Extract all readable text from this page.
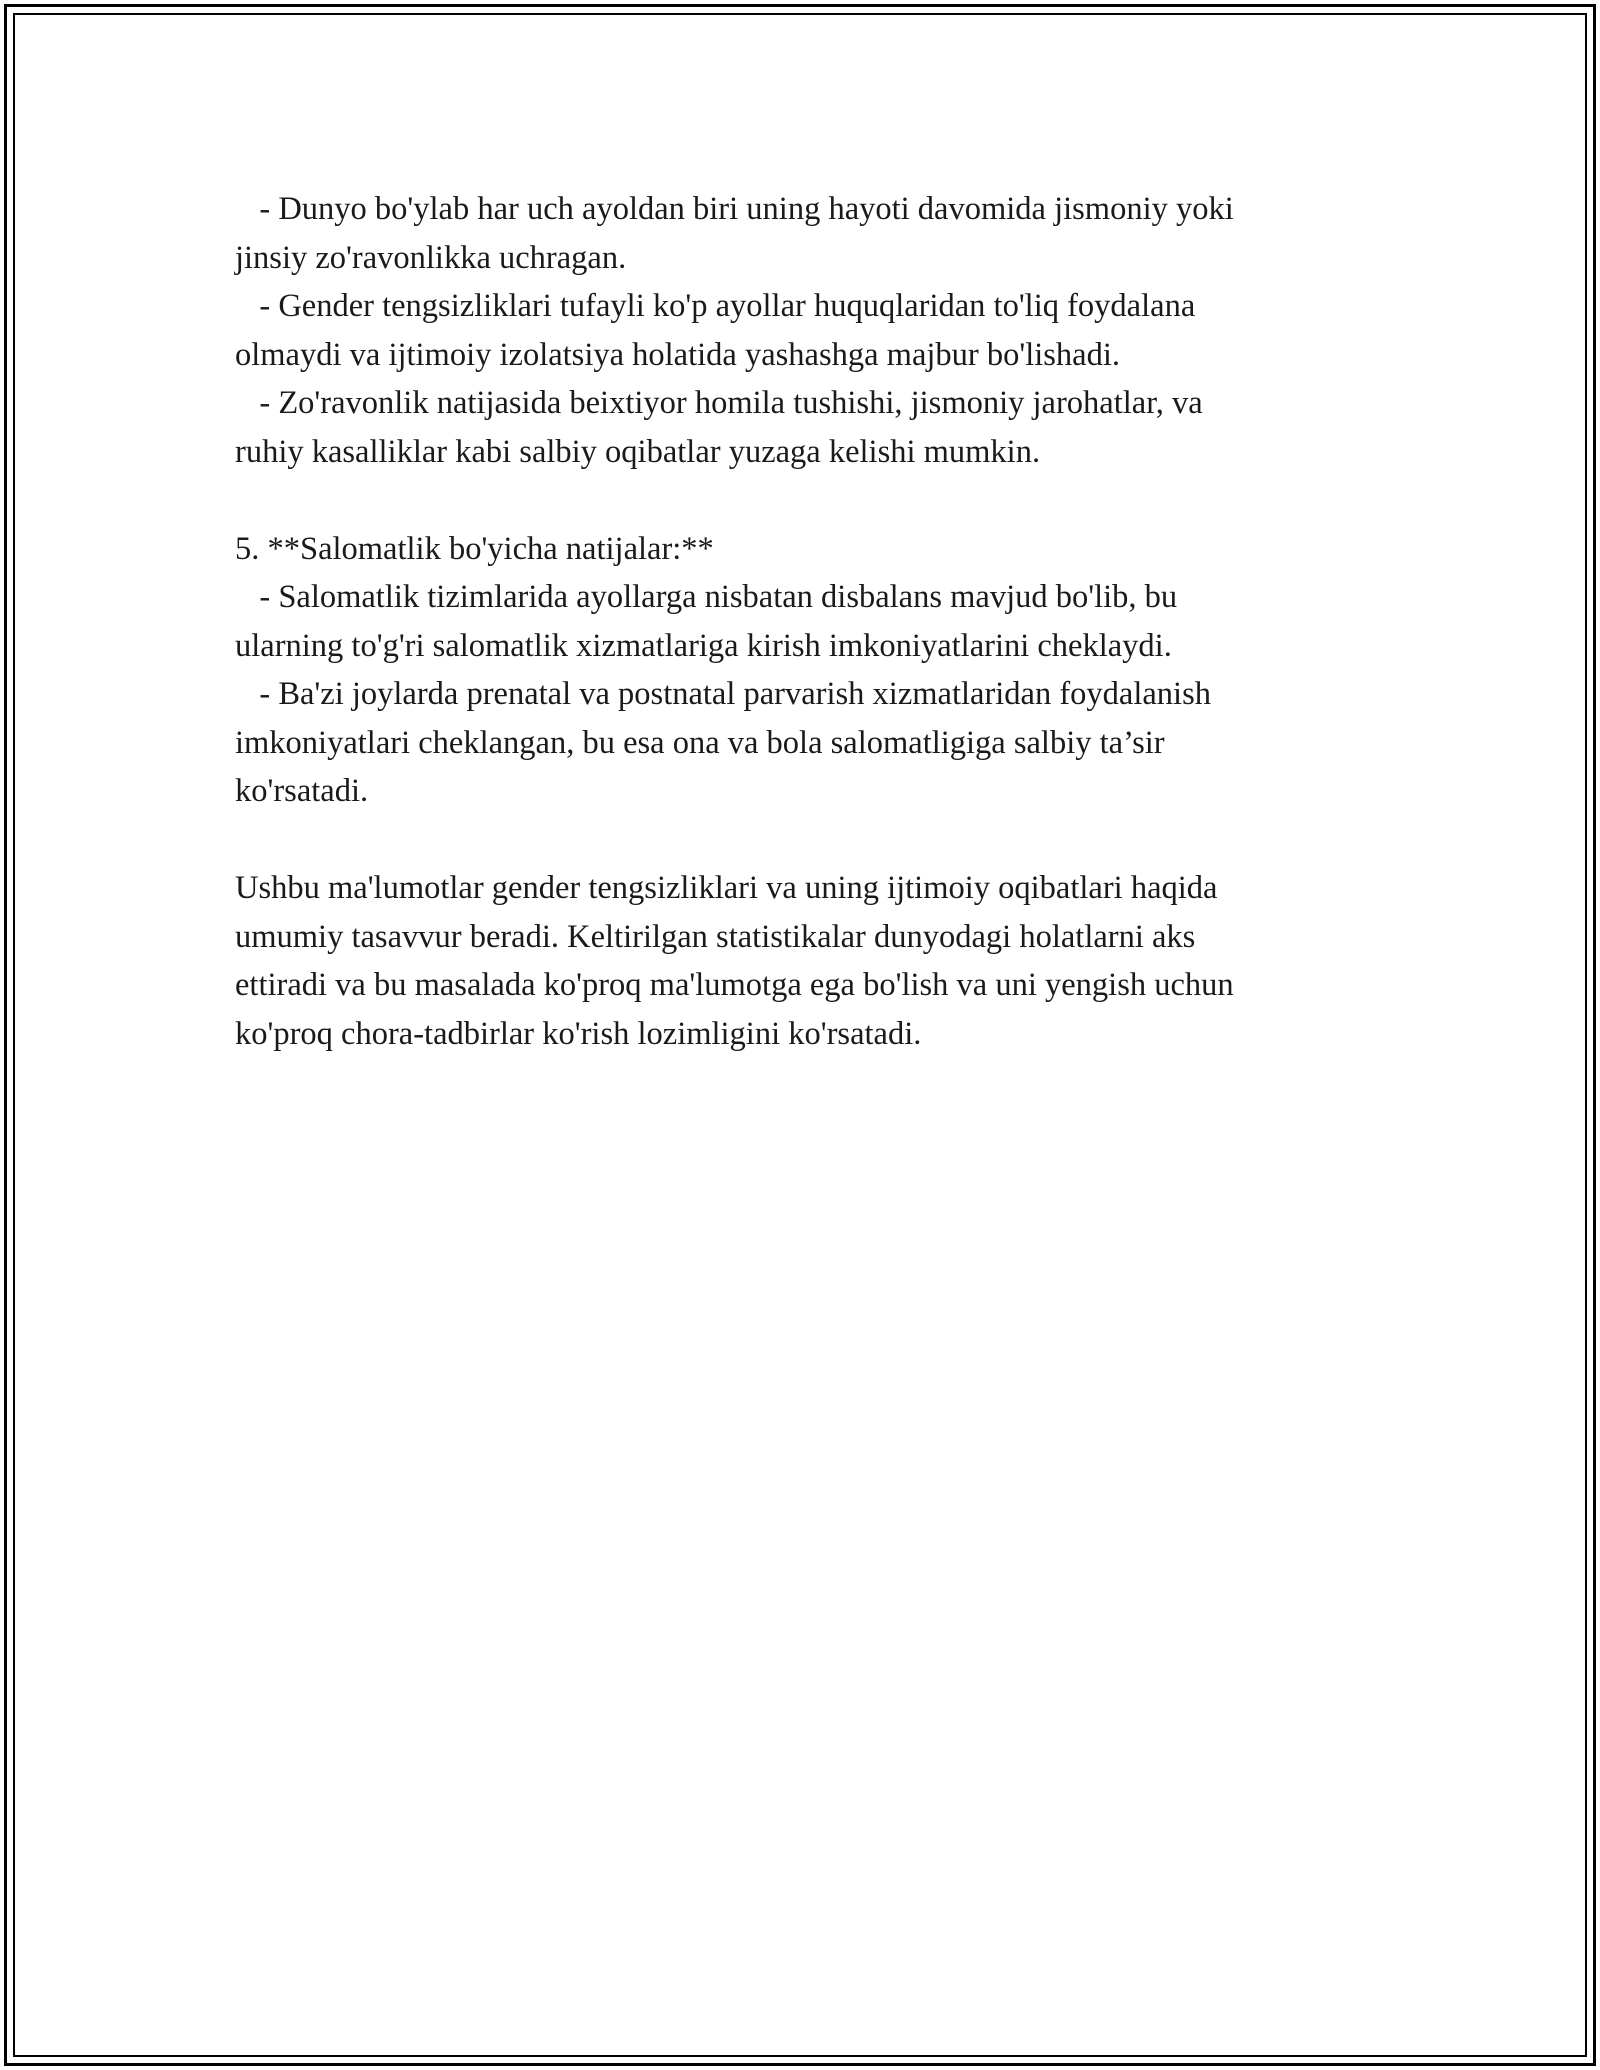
- Dunyo bo'ylab har uch ayoldan biri uning hayoti davomida jismoniy yoki
jinsiy zo'ravonlikka uchragan.
- Gender tengsizliklari tufayli ko'p ayollar huquqlaridan to'liq foydalana
olmaydi va ijtimoiy izolatsiya holatida yashashga majbur bo'lishadi.
- Zo'ravonlik natijasida beixtiyor homila tushishi, jismoniy jarohatlar, va
ruhiy kasalliklar kabi salbiy oqibatlar yuzaga kelishi mumkin.
5. **Salomatlik bo'yicha natijalar:**
- Salomatlik tizimlarida ayollarga nisbatan disbalans mavjud bo'lib, bu
ularning to'g'ri salomatlik xizmatlariga kirish imkoniyatlarini cheklaydi.
- Ba'zi joylarda prenatal va postnatal parvarish xizmatlaridan foydalanish
imkoniyatlari cheklangan, bu esa ona va bola salomatligiga salbiy ta’sir
ko'rsatadi.
Ushbu ma'lumotlar gender tengsizliklari va uning ijtimoiy oqibatlari haqida
umumiy tasavvur beradi. Keltirilgan statistikalar dunyodagi holatlarni aks
ettiradi va bu masalada ko'proq ma'lumotga ega bo'lish va uni yengish uchun
ko'proq chora-tadbirlar ko'rish lozimligini ko'rsatadi.
